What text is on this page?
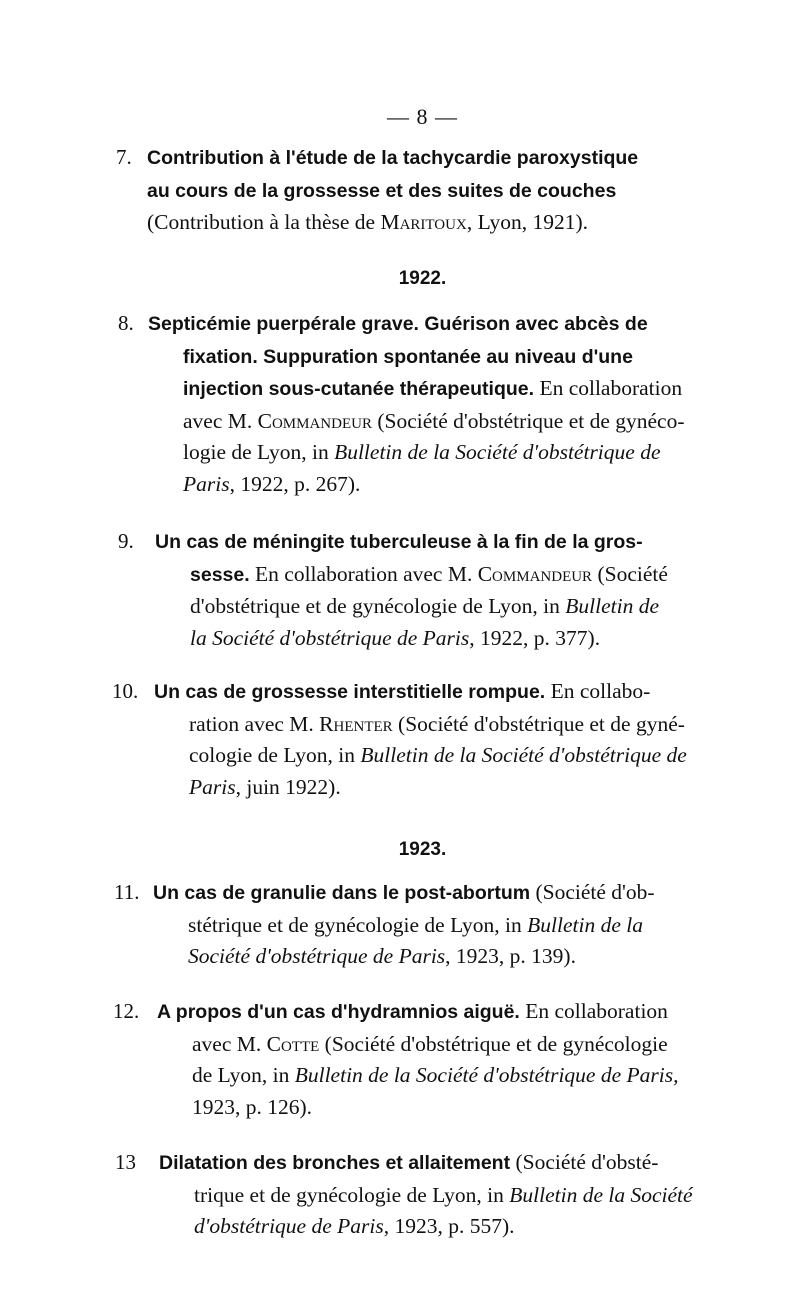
— 8 —
7. Contribution à l'étude de la tachycardie paroxystique
au cours de la grossesse et des suites de couches
(Contribution à la thèse de Maritoux, Lyon, 1921).
1922.
8. Septicémie puerpérale grave. Guérison avec abcès de
fixation. Suppuration spontanée au niveau d'une
injection sous-cutanée thérapeutique. En collaboration
avec M. Commandeur (Société d'obstétrique et de gynéco-
logie de Lyon, in Bulletin de la Société d'obstétrique de
Paris, 1922, p. 267).
9. Un cas de méningite tuberculeuse à la fin de la gros-
sesse. En collaboration avec M. Commandeur (Société
d'obstétrique et de gynécologie de Lyon, in Bulletin de
la Société d'obstétrique de Paris, 1922, p. 377).
10. Un cas de grossesse interstitielle rompue. En collabo-
ration avec M. Rhenter (Société d'obstétrique et de gyné-
cologie de Lyon, in Bulletin de la Société d'obstétrique de
Paris, juin 1922).
1923.
11. Un cas de granulie dans le post-abortum (Société d'ob-
stétrique et de gynécologie de Lyon, in Bulletin de la
Société d'obstétrique de Paris, 1923, p. 139).
12. A propos d'un cas d'hydramnios aiguë. En collaboration
avec M. Cotte (Société d'obstétrique et de gynécologie
de Lyon, in Bulletin de la Société d'obstétrique de Paris,
1923, p. 126).
13 Dilatation des bronches et allaitement (Société d'obsté-
trique et de gynécologie de Lyon, in Bulletin de la Société
d'obstétrique de Paris, 1923, p. 557).
